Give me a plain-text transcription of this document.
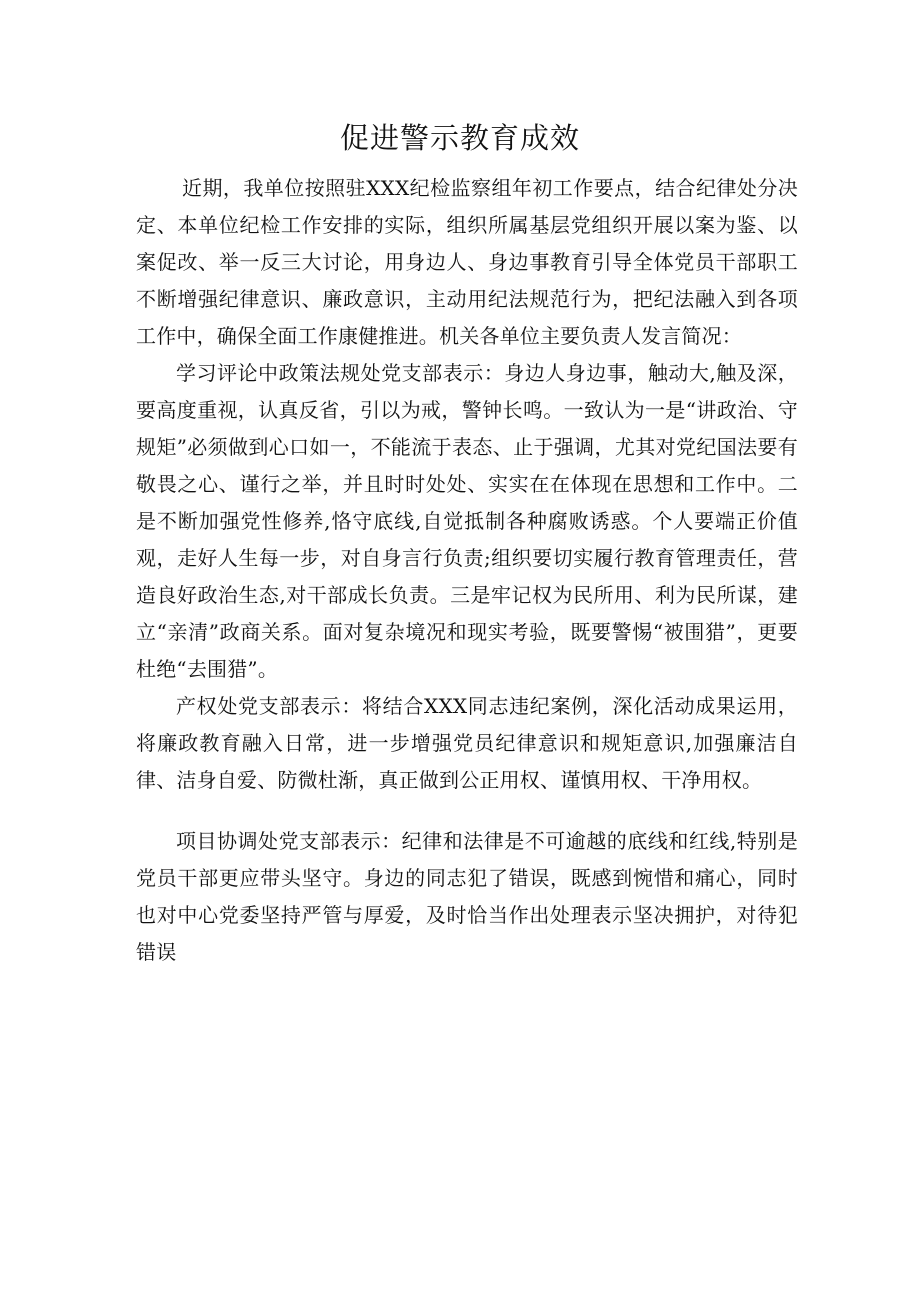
促进警示教育成效

近期，我单位按照驻XXX纪检监察组年初工作要点，结合纪律处分决定、本单位纪检工作安排的实际，组织所属基层党组织开展以案为鉴、以案促改、举一反三大讨论，用身边人、身边事教育引导全体党员干部职工不断增强纪律意识、廉政意识，主动用纪法规范行为，把纪法融入到各项工作中，确保全面工作康健推进。机关各单位主要负责人发言简况：

学习评论中政策法规处党支部表示：身边人身边事，触动大,触及深，要高度重视，认真反省，引以为戒，警钟长鸣。一致认为一是“讲政治、守规矩”必须做到心口如一，不能流于表态、止于强调，尤其对党纪国法要有敬畏之心、谨行之举，并且时时处处、实实在在体现在思想和工作中。二是不断加强党性修养,恪守底线,自觉抵制各种腐败诱惑。个人要端正价值观，走好人生每一步，对自身言行负责;组织要切实履行教育管理责任，营造良好政治生态,对干部成长负责。三是牢记权为民所用、利为民所谋，建立“亲清”政商关系。面对复杂境况和现实考验，既要警惕“被围猎”，更要杜绝“去围猎”。

产权处党支部表示：将结合XXX同志违纪案例，深化活动成果运用，将廉政教育融入日常，进一步增强党员纪律意识和规矩意识,加强廉洁自律、洁身自爱、防微杜渐，真正做到公正用权、谨慎用权、干净用权。

项目协调处党支部表示：纪律和法律是不可逾越的底线和红线,特别是党员干部更应带头坚守。身边的同志犯了错误，既感到惋惜和痛心，同时也对中心党委坚持严管与厚爱，及时恰当作出处理表示坚决拥护，对待犯错误
